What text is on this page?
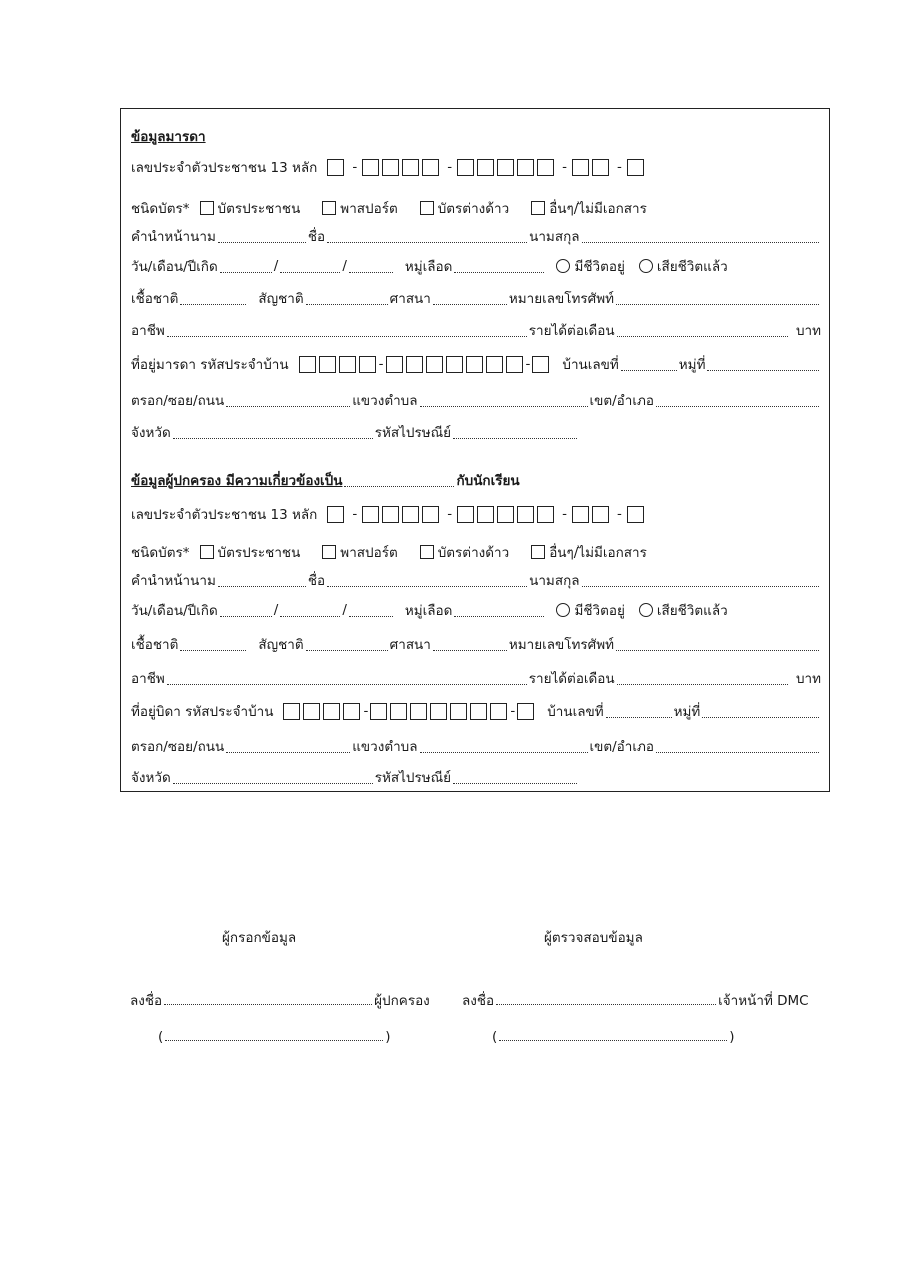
ข้อมูลมารดา
เลขประจำตัวประชาชน 13 หลัก	-	-	-	-
ชนิดบัตร* บัตรประชาชน	พาสปอร์ต	บัตรต่างด้าว	อื่นๆ/ไม่มีเอกสาร
คำนำหน้านาม	ชื่อ	นามสกุล
วัน/เดือน/ปีเกิด	/	/	หมู่เลือด	มีชีวิตอยู่ เสียชีวิตแล้ว
เชื้อชาติ	สัญชาติ	ศาสนา	หมายเลขโทรศัพท์
อาชีพ	รายได้ต่อเดือน	บาท
ที่อยู่มารดา รหัสประจำบ้าน	-	-	บ้านเลขที่	หมู่ที่
ตรอก/ซอย/ถนน	แขวงตำบล	เขต/อำเภอ
จังหวัด	รหัสไปรษณีย์
ข้อมูลผู้ปกครอง มีความเกี่ยวข้องเป็น	กับนักเรียน
เลขประจำตัวประชาชน 13 หลัก	-	-	-	-
ชนิดบัตร* บัตรประชาชน	พาสปอร์ต	บัตรต่างด้าว	อื่นๆ/ไม่มีเอกสาร
คำนำหน้านาม	ชื่อ	นามสกุล
วัน/เดือน/ปีเกิด	/	/	หมู่เลือด	มีชีวิตอยู่ เสียชีวิตแล้ว
เชื้อชาติ	สัญชาติ	ศาสนา	หมายเลขโทรศัพท์
อาชีพ	รายได้ต่อเดือน	บาท
ที่อยู่บิดา รหัสประจำบ้าน	-	-	บ้านเลขที่	หมู่ที่
ตรอก/ซอย/ถนน	แขวงตำบล	เขต/อำเภอ
จังหวัด	รหัสไปรษณีย์
ผู้กรอกข้อมูล	ผู้ตรวจสอบข้อมูล
ลงชื่อ	ผู้ปกครอง ลงชื่อ	เจ้าหน้าที่ DMC
(	)	(	)
